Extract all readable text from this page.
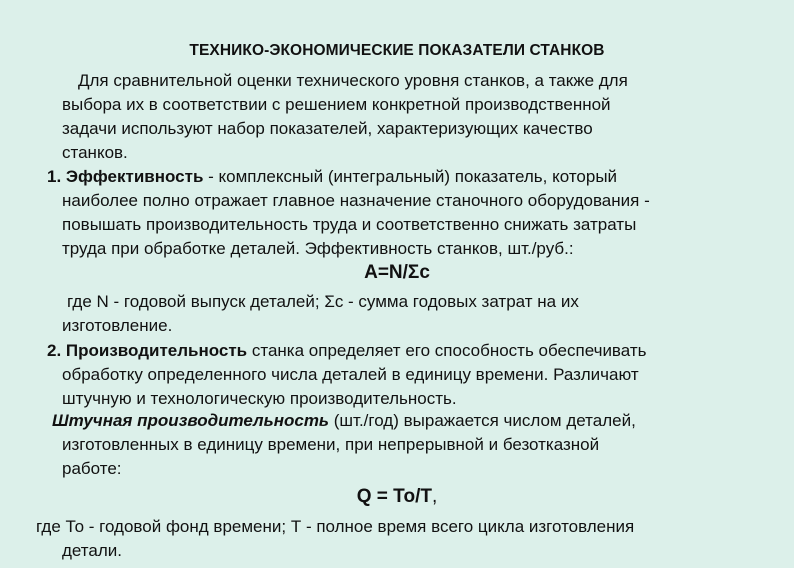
ТЕХНИКО-ЭКОНОМИЧЕСКИЕ ПОКАЗАТЕЛИ СТАНКОВ
Для сравнительной оценки технического уровня станков, а также для
выбора их в соответствии с решением конкретной производственной
задачи используют набор показателей, характеризующих качество
станков.
1. Эффективность - комплексный (интегральный) показатель, который
наиболее полно отражает главное назначение станочного оборудования -
повышать производительность труда и соответственно снижать затраты
труда при обработке деталей. Эффективность станков, шт./руб.:
A=N/Σc
где N - годовой выпуск деталей; Σc - сумма годовых затрат на их
изготовление.
2. Производительность станка определяет его способность обеспечивать
обработку определенного числа деталей в единицу времени. Различают
штучную и технологическую производительность.
Штучная производительность (шт./год) выражается числом деталей,
изготовленных в единицу времени, при непрерывной и безотказной
работе:
Q = То/Т,
где То - годовой фонд времени; Т - полное время всего цикла изготовления
детали.
